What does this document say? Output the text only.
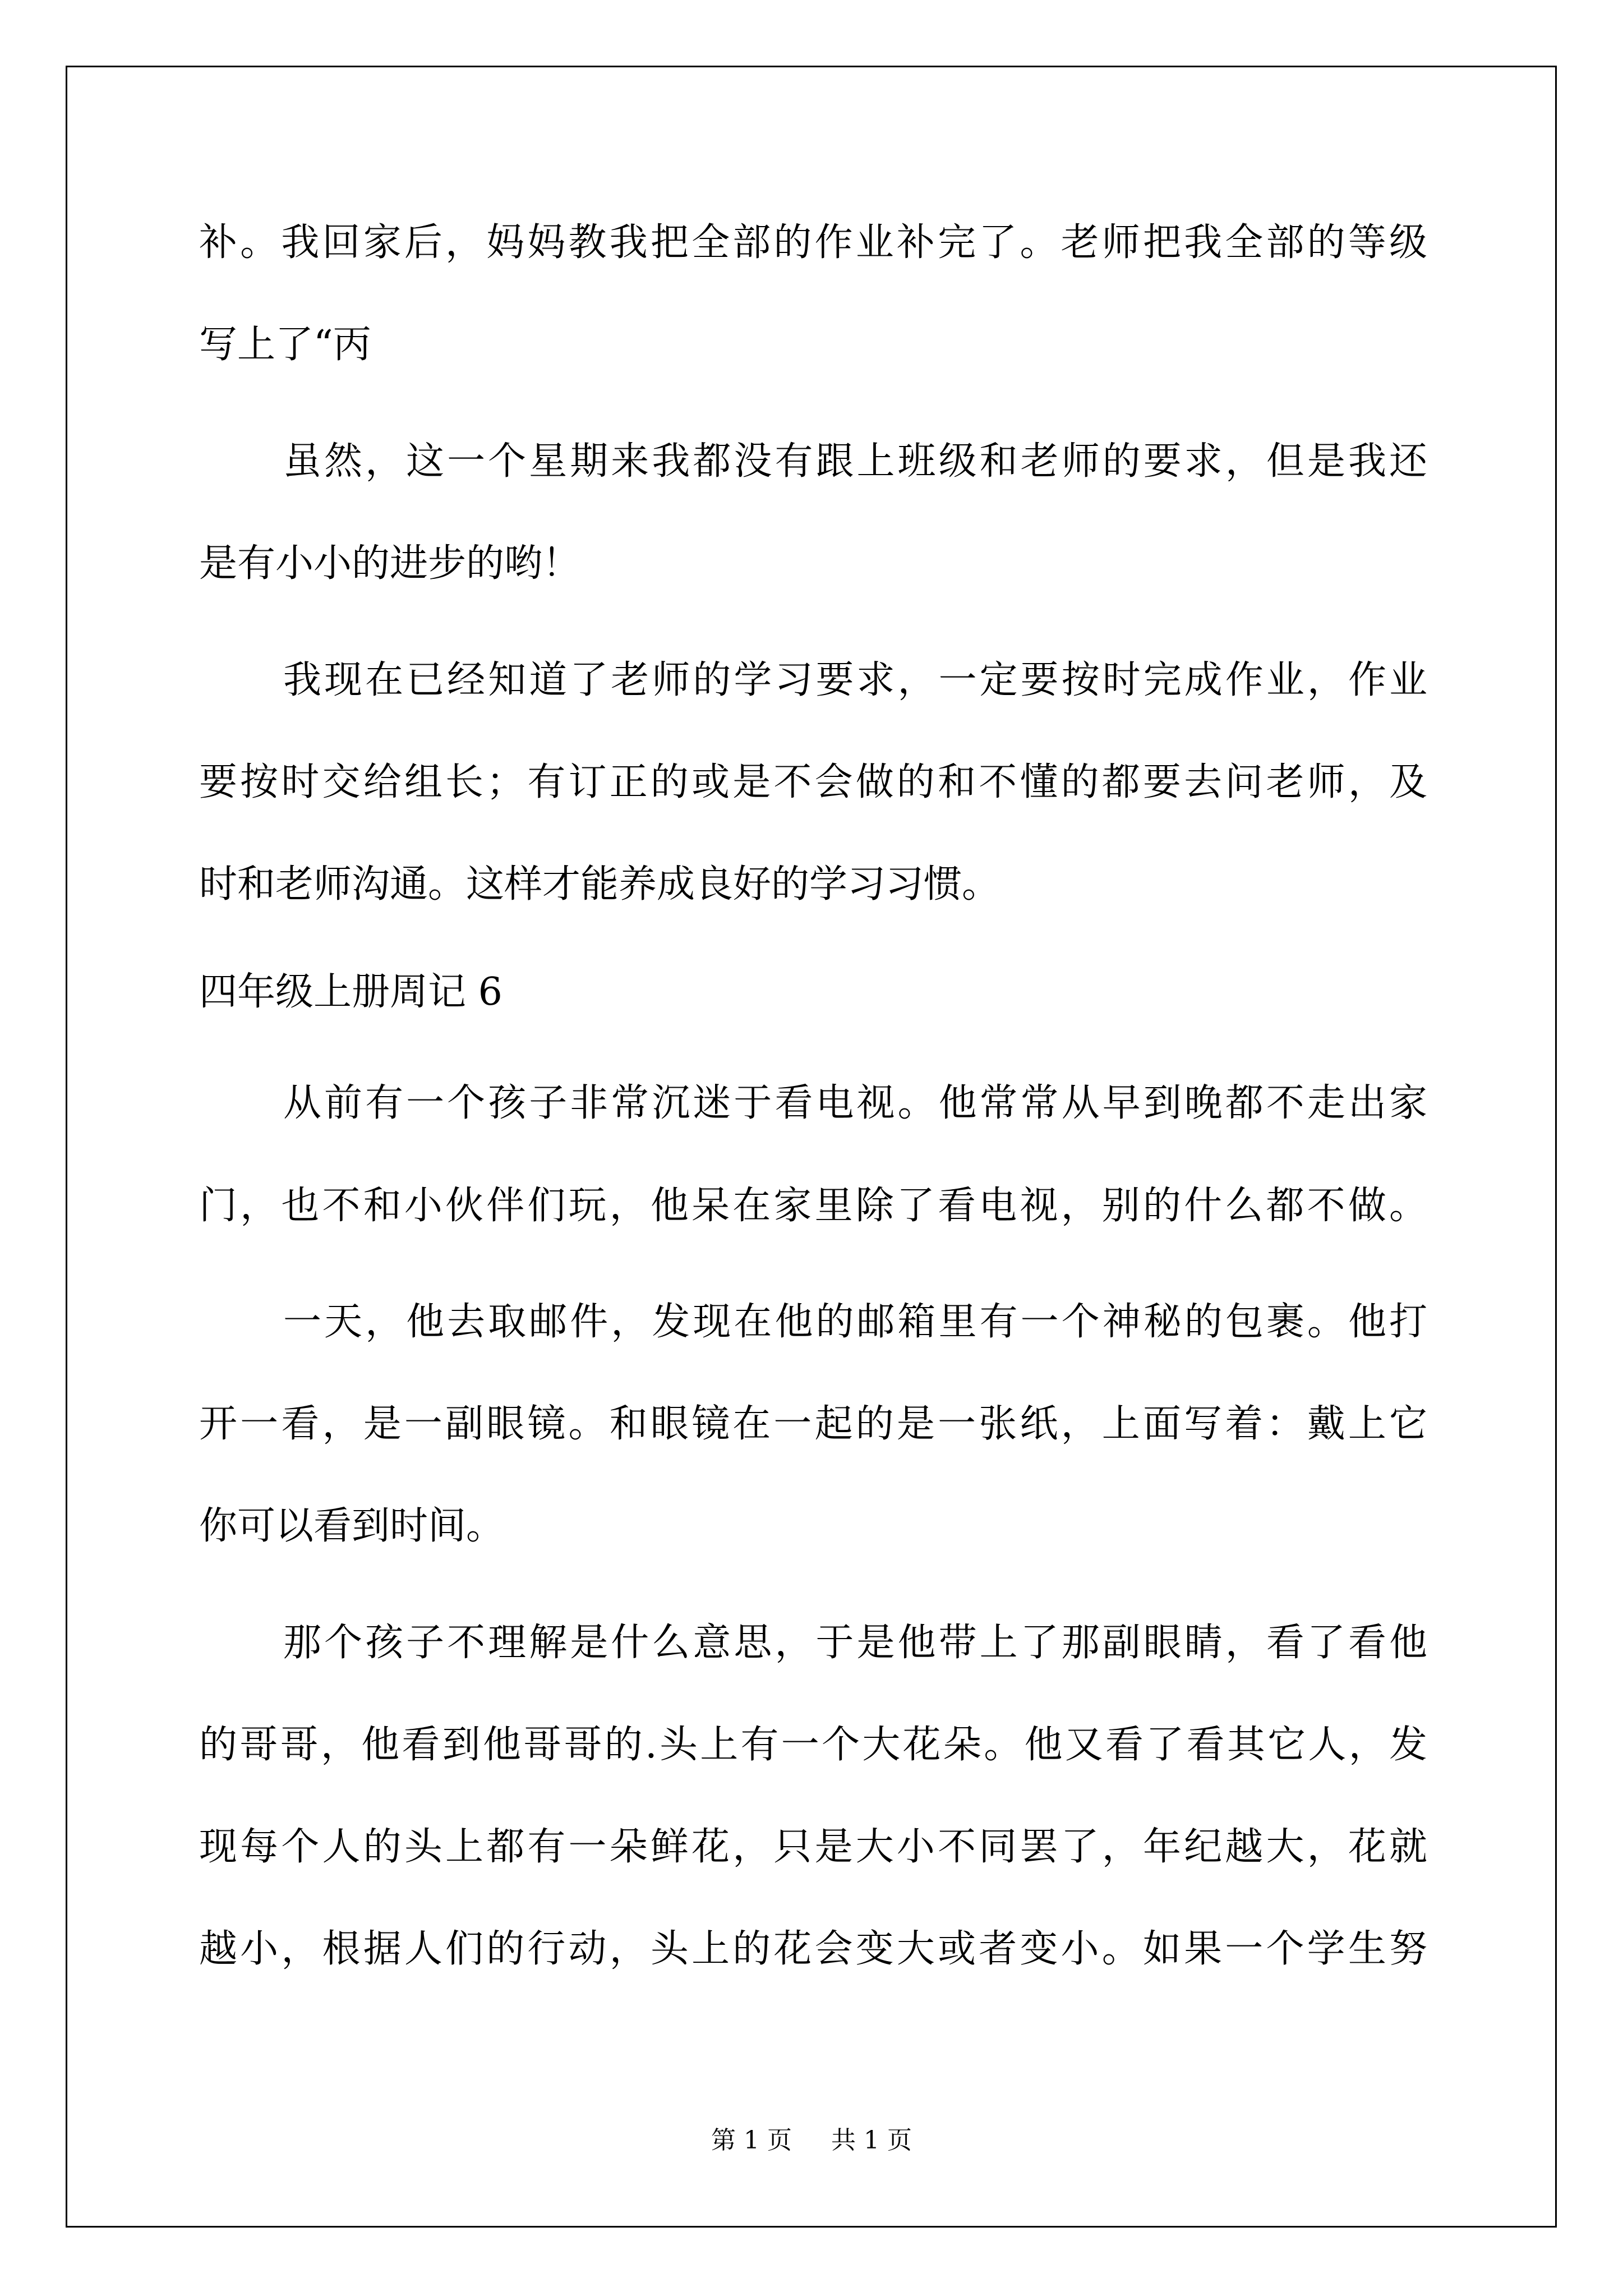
补。我回家后，妈妈教我把全部的作业补完了。老师把我全部的等级

写上了“丙

虽然，这一个星期来我都没有跟上班级和老师的要求，但是我还

是有小小的进步的哟！

我现在已经知道了老师的学习要求，一定要按时完成作业，作业

要按时交给组长；有订正的或是不会做的和不懂的都要去问老师，及

时和老师沟通。这样才能养成良好的学习习惯。

四年级上册周记 6

从前有一个孩子非常沉迷于看电视。他常常从早到晚都不走出家

门，也不和小伙伴们玩，他呆在家里除了看电视，别的什么都不做。

一天，他去取邮件，发现在他的邮箱里有一个神秘的包裹。他打

开一看，是一副眼镜。和眼镜在一起的是一张纸，上面写着：戴上它

你可以看到时间。

那个孩子不理解是什么意思，于是他带上了那副眼睛，看了看他

的哥哥，他看到他哥哥的.头上有一个大花朵。他又看了看其它人，发

现每个人的头上都有一朵鲜花，只是大小不同罢了，年纪越大，花就

越小，根据人们的行动，头上的花会变大或者变小。如果一个学生努

第 1 页 共 1 页
